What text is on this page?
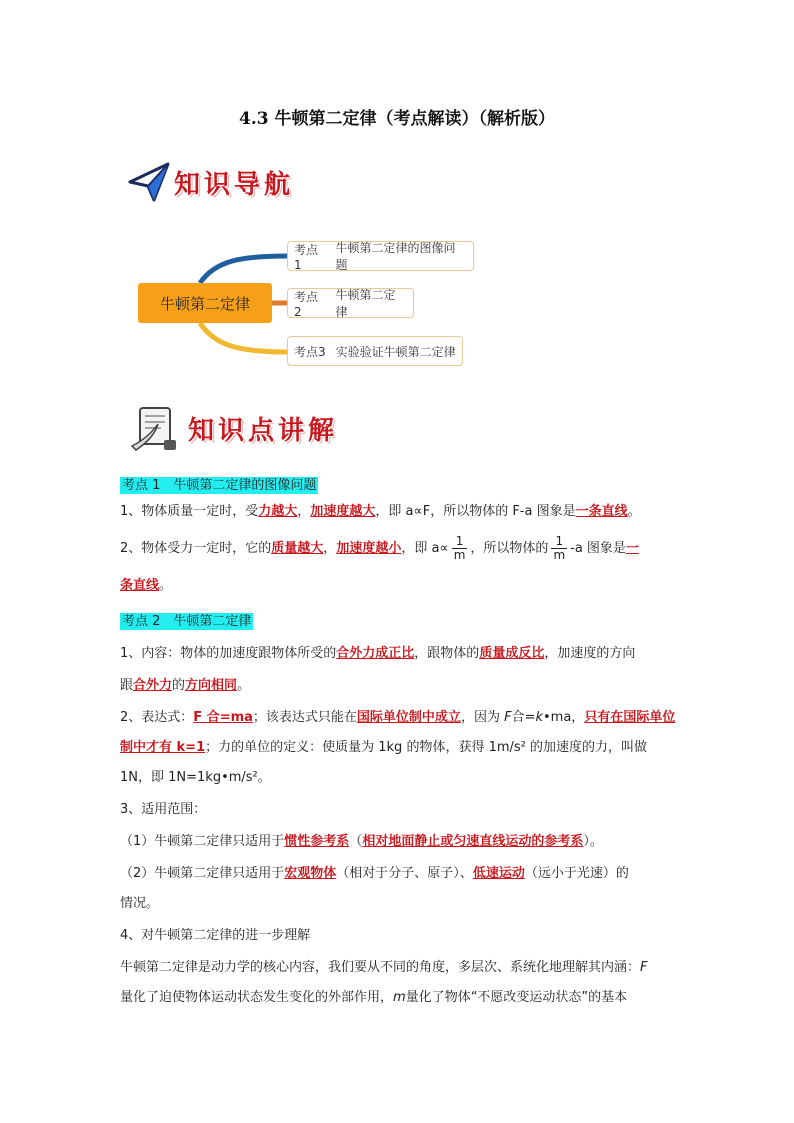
4.3 牛顿第二定律（考点解读）（解析版）
知识导航
牛顿第二定律
考点1
牛顿第二定律的图像问题
考点2
牛顿第二定律
考点3 实验验证牛顿第二定律
知识点讲解
考点 1　牛顿第二定律的图像问题
1、物体质量一定时，受力越大，加速度越大，即 a∝F，所以物体的 F-a 图象是一条直线。
2、物体受力一定时，它的质量越大，加速度越小，即 $a\propto \frac{1}{m}$ ，所以物体的 $\frac{1}{m} -a$ 图象是一
条直线。
考点 2　牛顿第二定律
1、内容：物体的加速度跟物体所受的合外力成正比，跟物体的质量成反比，加速度的方向
跟合外力的方向相同。
2、表达式：F 合=ma；该表达式只能在国际单位制中成立，因为 F合=k•ma，只有在国际单位
制中才有 k=1；力的单位的定义：使质量为 1kg 的物体，获得 1m/s² 的加速度的力，叫做
1N，即 1N=1kg•m/s²。
3、适用范围：
（1）牛顿第二定律只适用于惯性参考系（相对地面静止或匀速直线运动的参考系）。
（2）牛顿第二定律只适用于宏观物体（相对于分子、原子）、低速运动（远小于光速）的
情况。
4、对牛顿第二定律的进一步理解
牛顿第二定律是动力学的核心内容，我们要从不同的角度，多层次、系统化地理解其内涵：F
量化了迫使物体运动状态发生变化的外部作用，m量化了物体“不愿改变运动状态”的基本
